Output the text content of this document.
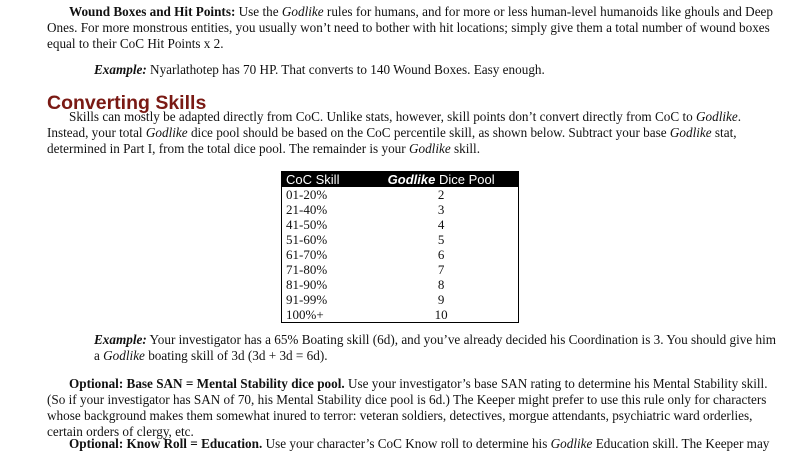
Wound Boxes and Hit Points: Use the Godlike rules for humans, and for more or less human-level humanoids like ghouls and Deep Ones. For more monstrous entities, you usually won’t need to bother with hit locations; simply give them a total number of wound boxes equal to their CoC Hit Points x 2.

Example: Nyarlathotep has 70 HP. That converts to 140 Wound Boxes. Easy enough.

Converting Skills

Skills can mostly be adapted directly from CoC. Unlike stats, however, skill points don’t convert directly from CoC to Godlike. Instead, your total Godlike dice pool should be based on the CoC percentile skill, as shown below. Subtract your base Godlike stat, determined in Part I, from the total dice pool. The remainder is your Godlike skill.

CoC Skill	Godlike Dice Pool
01-20%	2
21-40%	3
41-50%	4
51-60%	5
61-70%	6
71-80%	7
81-90%	8
91-99%	9
100%+	10

Example: Your investigator has a 65% Boating skill (6d), and you’ve already decided his Coordination is 3. You should give him a Godlike boating skill of 3d (3d + 3d = 6d).

Optional: Base SAN = Mental Stability dice pool. Use your investigator’s base SAN rating to determine his Mental Stability skill. (So if your investigator has SAN of 70, his Mental Stability dice pool is 6d.) The Keeper might prefer to use this rule only for characters whose background makes them somewhat inured to terror: veteran soldiers, detectives, morgue attendants, psychiatric ward orderlies, certain orders of clergy, etc.

Optional: Know Roll = Education. Use your character’s CoC Know roll to determine his Godlike Education skill. The Keeper may
